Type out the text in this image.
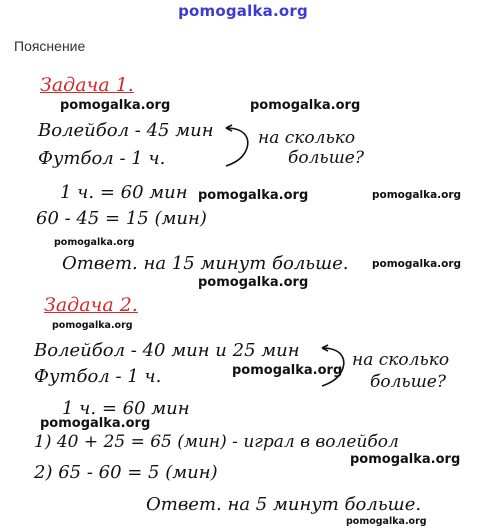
pomogalka.org
Пояснение
Задача 1.
pomogalka.org	pomogalka.org
Волейбол - 45 мин
Футбол - 1 ч.
на сколько
больше?
1 ч. = 60 мин pomogalka.org	pomogalka.org
60 - 45 = 15 (мин)
pomogalka.org
Ответ. на 15 минут больше. pomogalka.org
pomogalka.org
Задача 2.
pomogalka.org
Волейбол - 40 мин и 25 мин
Футбол - 1 ч.	pomogalka.org
на сколько
больше?
1 ч. = 60 мин
pomogalka.org
1) 40 + 25 = 65 (мин) - играл в волейбол
pomogalka.org
2) 65 - 60 = 5 (мин)
Ответ. на 5 минут больше.
pomogalka.org
